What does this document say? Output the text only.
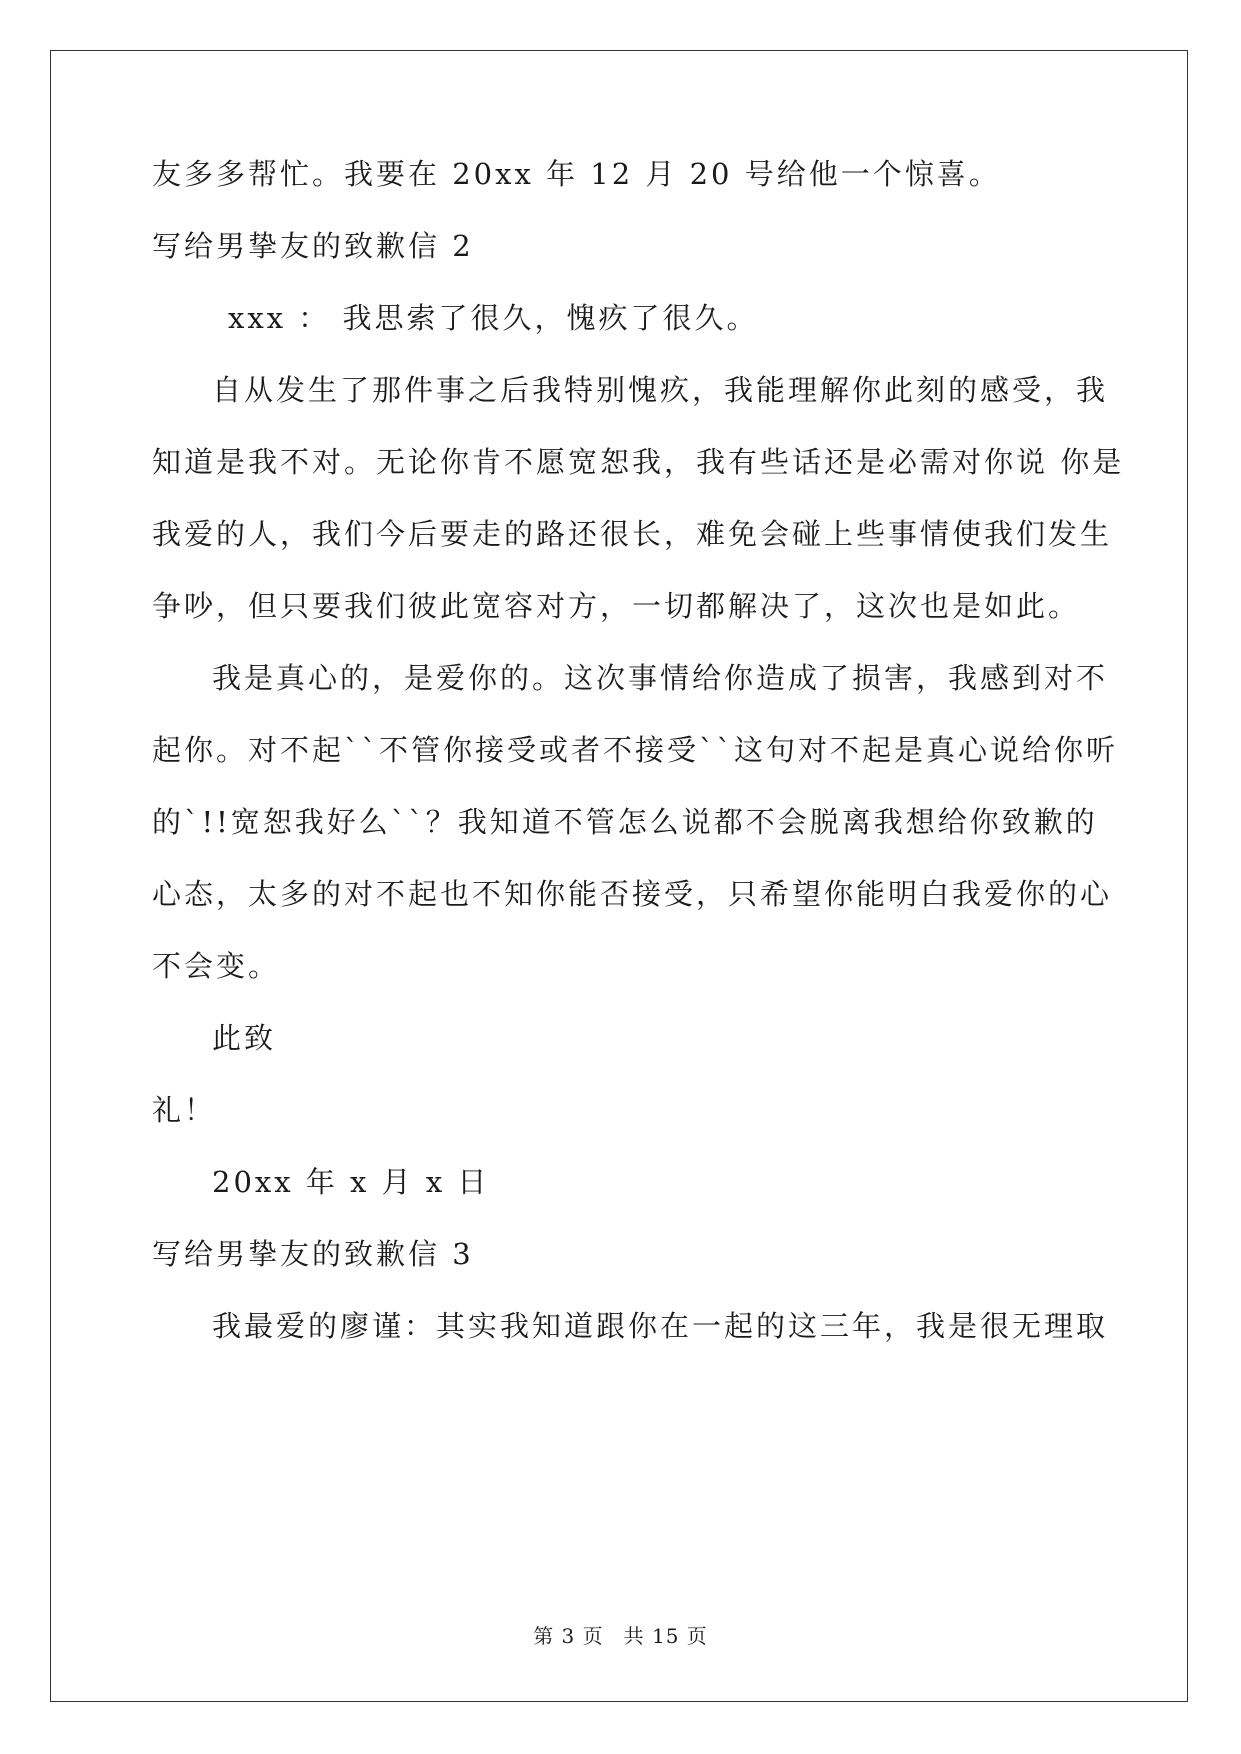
友多多帮忙。我要在 20xx 年 12 月 20 号给他一个惊喜。
写给男挚友的致歉信 2
xxx ： 我思索了很久，愧疚了很久。
自从发生了那件事之后我特别愧疚，我能理解你此刻的感受，我
知道是我不对。无论你肯不愿宽恕我，我有些话还是必需对你说 你是
我爱的人，我们今后要走的路还很长，难免会碰上些事情使我们发生
争吵，但只要我们彼此宽容对方，一切都解决了，这次也是如此。
我是真心的，是爱你的。这次事情给你造成了损害，我感到对不
起你。对不起``不管你接受或者不接受``这句对不起是真心说给你听
的`!!宽恕我好么``？我知道不管怎么说都不会脱离我想给你致歉的
心态，太多的对不起也不知你能否接受，只希望你能明白我爱你的心
不会变。
此致
礼！
20xx 年 x 月 x 日
写给男挚友的致歉信 3
我最爱的廖谨：其实我知道跟你在一起的这三年，我是很无理取
第 3 页 共 15 页
